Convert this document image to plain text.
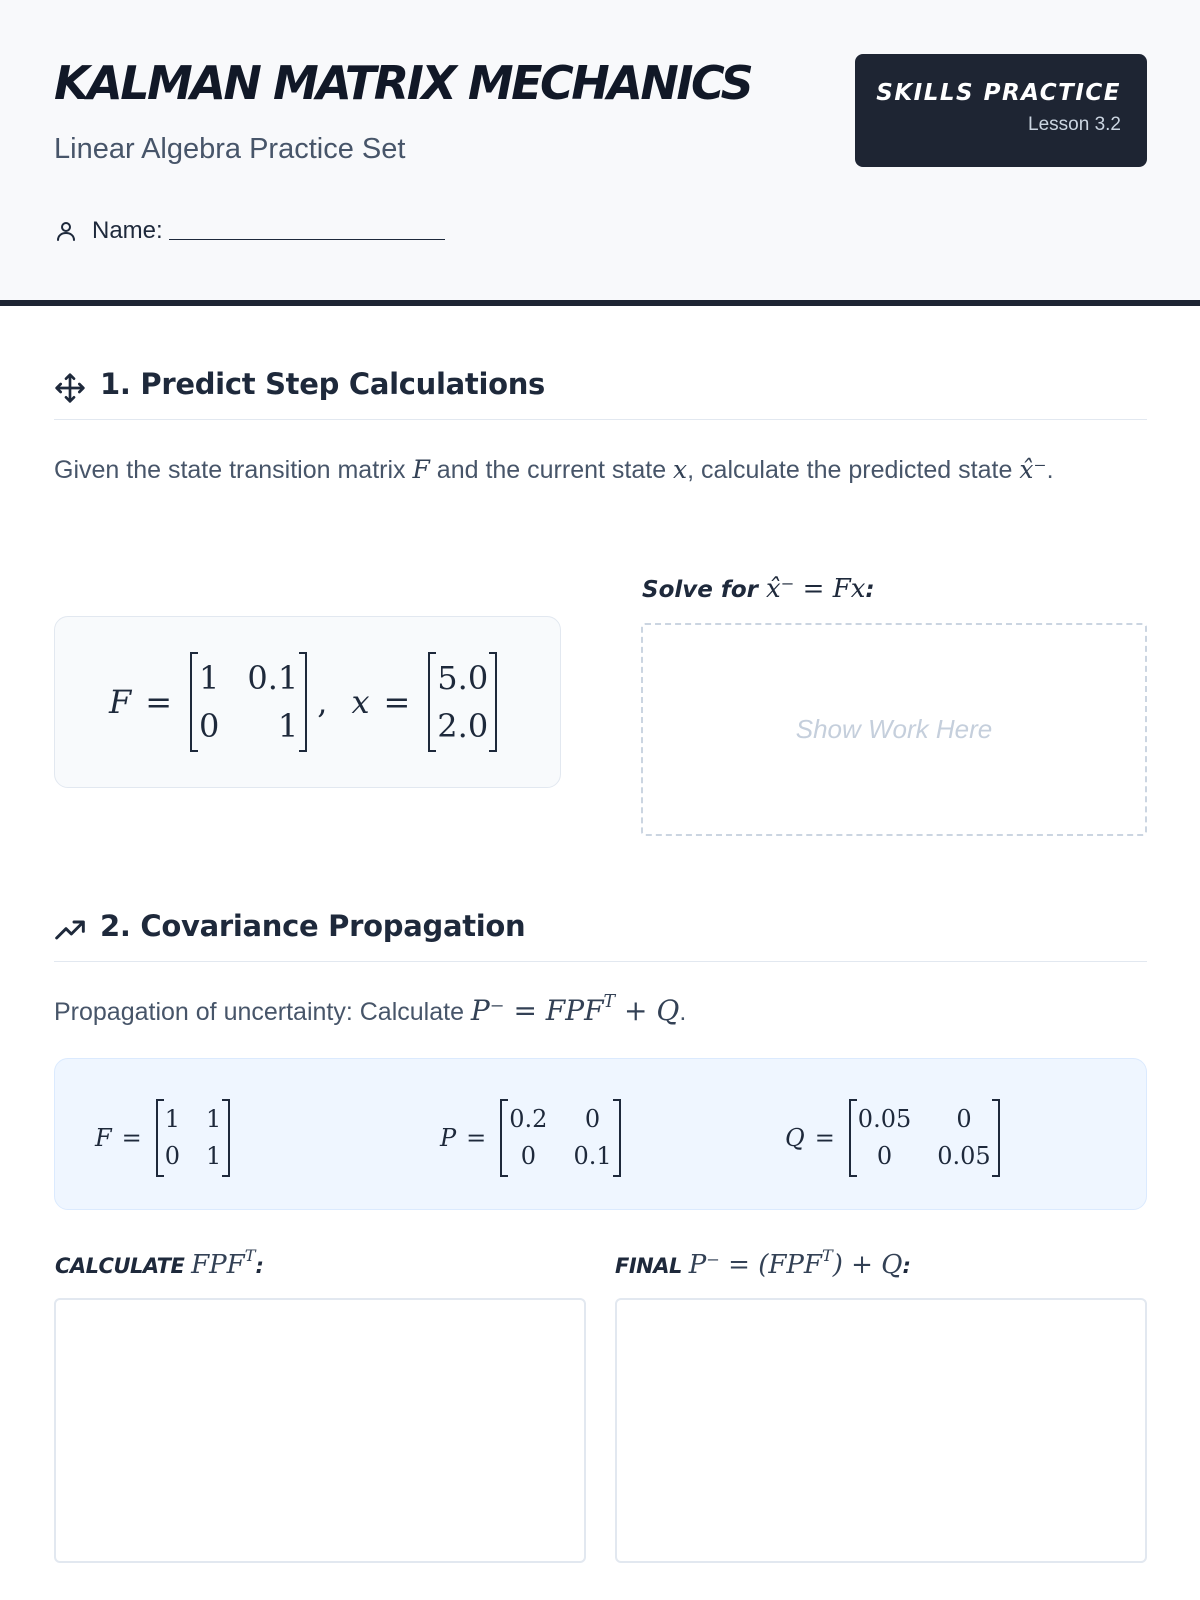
KALMAN MATRIX MECHANICS
Linear Algebra Practice Set
Name:
SKILLS PRACTICE
Lesson 3.2
1. Predict Step Calculations
Given the state transition matrix F and the current state x, calculate the predicted state x̂⁻.
F =
1 0.1
0	1
, x =
5.0
2.0
Solve for x̂⁻ = Fx:
Show Work Here
2. Covariance Propagation
Propagation of uncertainty: Calculate $P^- = FPF^T + Q$.
F =
1 1
0 1
P =
0.2	0
0	0.1
Q =
0.05	0
0	0.05
CALCULATE $FPF^T$:	FINAL $P^- = (FPF^T) + Q$:
